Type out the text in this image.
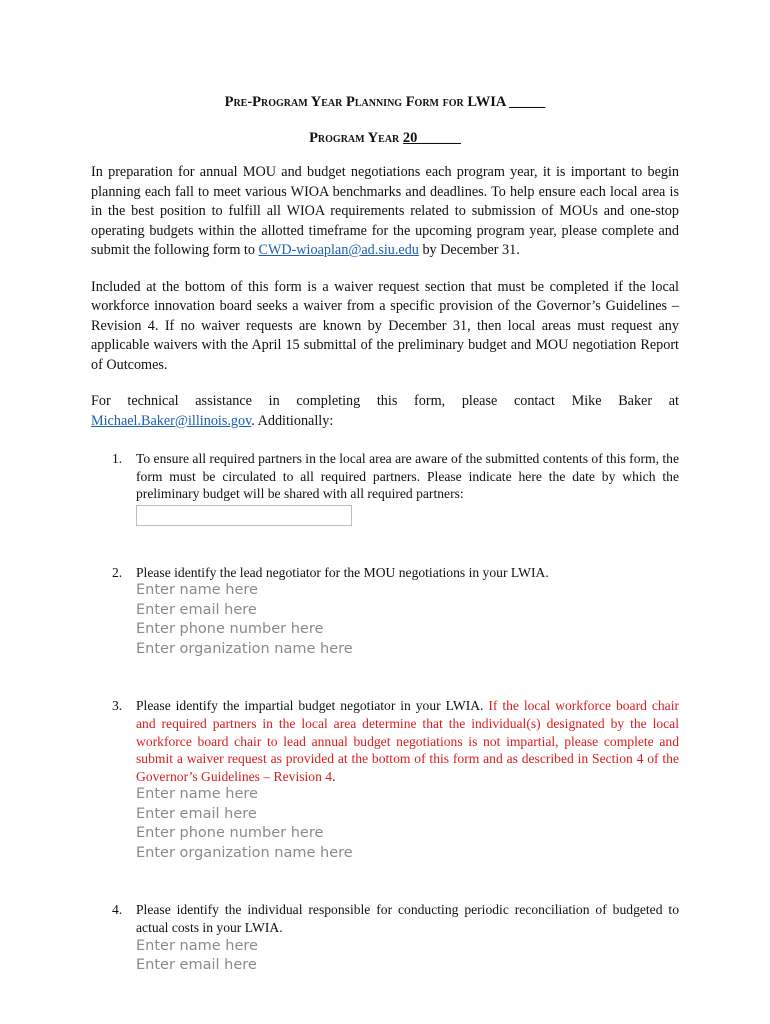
Pre-Program Year Planning Form for LWIA _____

Program Year 20______

In preparation for annual MOU and budget negotiations each program year, it is important to begin planning each fall to meet various WIOA benchmarks and deadlines. To help ensure each local area is in the best position to fulfill all WIOA requirements related to submission of MOUs and one-stop operating budgets within the allotted timeframe for the upcoming program year, please complete and submit the following form to CWD-wioaplan@ad.siu.edu by December 31.

Included at the bottom of this form is a waiver request section that must be completed if the local workforce innovation board seeks a waiver from a specific provision of the Governor’s Guidelines – Revision 4. If no waiver requests are known by December 31, then local areas must request any applicable waivers with the April 15 submittal of the preliminary budget and MOU negotiation Report of Outcomes.

For technical assistance in completing this form, please contact Mike Baker at Michael.Baker@illinois.gov. Additionally:

1. To ensure all required partners in the local area are aware of the submitted contents of this form, the form must be circulated to all required partners. Please indicate here the date by which the preliminary budget will be shared with all required partners:
2. Please identify the lead negotiator for the MOU negotiations in your LWIA.
Enter name here
Enter email here
Enter phone number here
Enter organization name here
3. Please identify the impartial budget negotiator in your LWIA. If the local workforce board chair and required partners in the local area determine that the individual(s) designated by the local workforce board chair to lead annual budget negotiations is not impartial, please complete and submit a waiver request as provided at the bottom of this form and as described in Section 4 of the Governor’s Guidelines – Revision 4.
Enter name here
Enter email here
Enter phone number here
Enter organization name here
4. Please identify the individual responsible for conducting periodic reconciliation of budgeted to actual costs in your LWIA.
Enter name here
Enter email here
